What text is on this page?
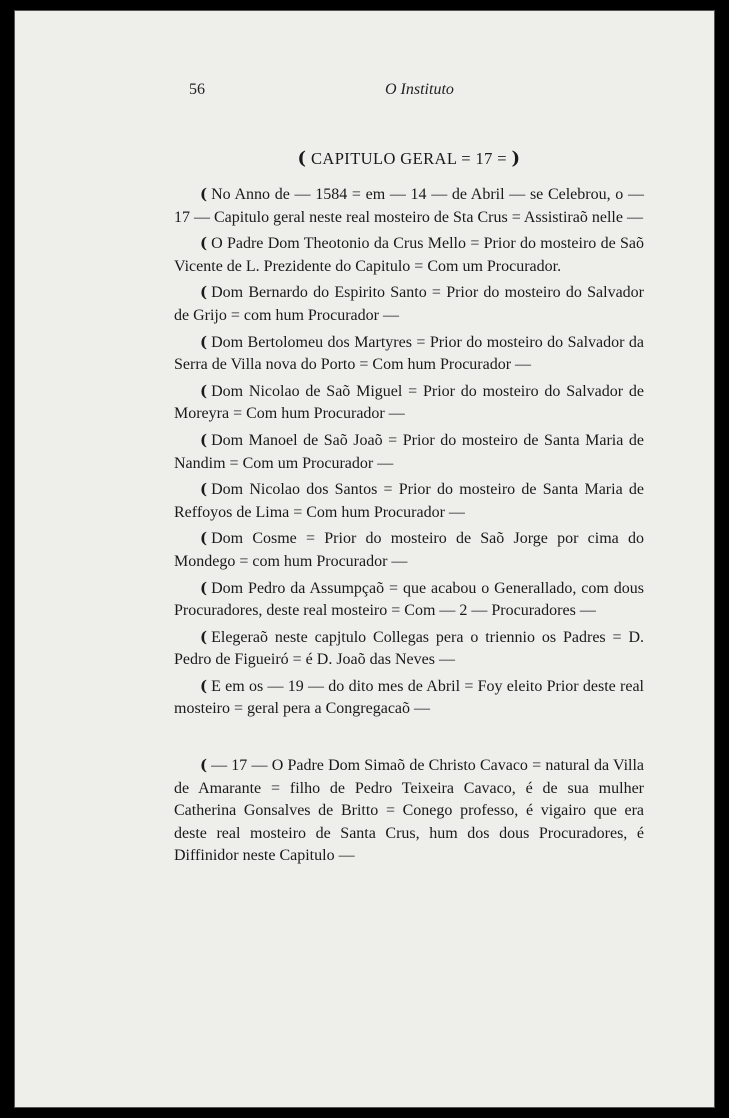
56	O Instituto
( CAPITULO GERAL = 17 = )

( No Anno de — 1584 = em — 14 — de Abril — se Celebrou, o — 17 — Capitulo geral neste real mosteiro de Sta Crus = Assistiraõ nelle —

( O Padre Dom Theotonio da Crus Mello = Prior do mosteiro de Saõ Vicente de L. Prezidente do Capitulo = Com um Procurador.

( Dom Bernardo do Espirito Santo = Prior do mosteiro do Salvador de Grijo = com hum Procurador —

( Dom Bertolomeu dos Martyres = Prior do mosteiro do Salvador da Serra de Villa nova do Porto = Com hum Procurador —

( Dom Nicolao de Saõ Miguel = Prior do mosteiro do Salvador de Moreyra = Com hum Procurador —

( Dom Manoel de Saõ Joaõ = Prior do mosteiro de Santa Maria de Nandim = Com um Procurador —

( Dom Nicolao dos Santos = Prior do mosteiro de Santa Maria de Reffoyos de Lima = Com hum Procurador —

( Dom Cosme = Prior do mosteiro de Saõ Jorge por cima do Mondego = com hum Procurador —

( Dom Pedro da Assumpçaõ = que acabou o Generallado, com dous Procuradores, deste real mosteiro = Com — 2 — Procuradores —

( Elegeraõ neste capjtulo Collegas pera o triennio os Padres = D. Pedro de Figueiró = é D. Joaõ das Neves —

( E em os — 19 — do dito mes de Abril = Foy eleito Prior deste real mosteiro = geral pera a Congregacaõ —

( — 17 — O Padre Dom Simaõ de Christo Cavaco = natural da Villa de Amarante = filho de Pedro Teixeira Cavaco, é de sua mulher Catherina Gonsalves de Britto = Conego professo, é vigairo que era deste real mosteiro de Santa Crus, hum dos dous Procuradores, é Diffinidor neste Capitulo —
